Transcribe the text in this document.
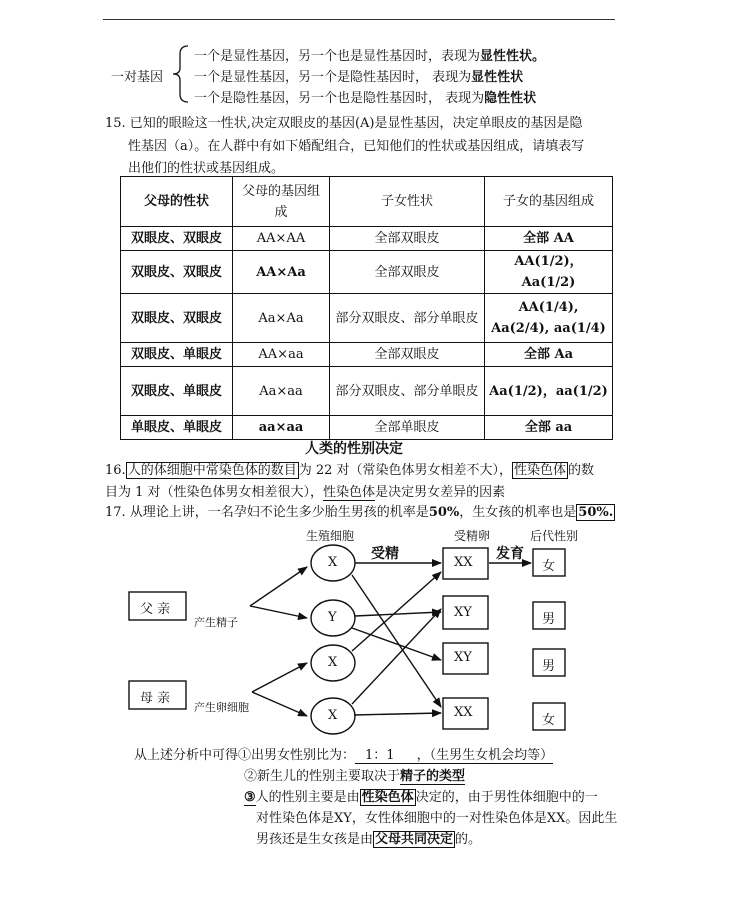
一对基因
一个是显性基因，另一个也是显性基因时，表现为显性性状。
一个是显性基因，另一个是隐性基因时， 表现为显性性状
一个是隐性基因，另一个也是隐性基因时， 表现为隐性性状
15. 已知的眼睑这一性状,决定双眼皮的基因(A)是显性基因，决定单眼皮的基因是隐
性基因（a）。在人群中有如下婚配组合，已知他们的性状或基因组成，请填表写
出他们的性状或基因组成。
父母的性状	父母的基因组成	子女性状	子女的基因组成
双眼皮、双眼皮	AA×AA	全部双眼皮	全部 AA
双眼皮、双眼皮	AA×Aa	全部双眼皮	AA(1/2)，Aa(1/2)
双眼皮、双眼皮	Aa×Aa	部分双眼皮、部分单眼皮	AA(1/4), Aa(2/4), aa(1/4)
双眼皮、单眼皮	AA×aa	全部双眼皮	全部 Aa
双眼皮、单眼皮	Aa×aa	部分双眼皮、部分单眼皮	Aa(1/2)，aa(1/2)
单眼皮、单眼皮	aa×aa	全部单眼皮	全部 aa
人类的性别决定
16. 人的体细胞中常染色体的数目 为 22 对（常染色体男女相差不大）， 性染色体 的数
目为 1 对（性染色体男女相差很大），性染色体是决定男女差异的因素
17. 从理论上讲，一名孕妇不论生多少胎生男孩的机率是50%，生女孩的机率也是 50%.
生殖细胞	受精卵	后代性别
受精	发育
父 亲
母 亲
产生精子
产生卵细胞
X
Y
X
X
XX
XY
XY
XX
女
男
男
女
从上述分析中可得①出男女性别比为： 1：1 ，（生男生女机会均等）
②新生儿的性别主要取决于精子的类型
③人的性别主要是由 性染色体 决定的，由于男性体细胞中的一
对性染色体是XY，女性体细胞中的一对性染色体是XX。因此生
男孩还是生女孩是由 父母共同决定 的。
